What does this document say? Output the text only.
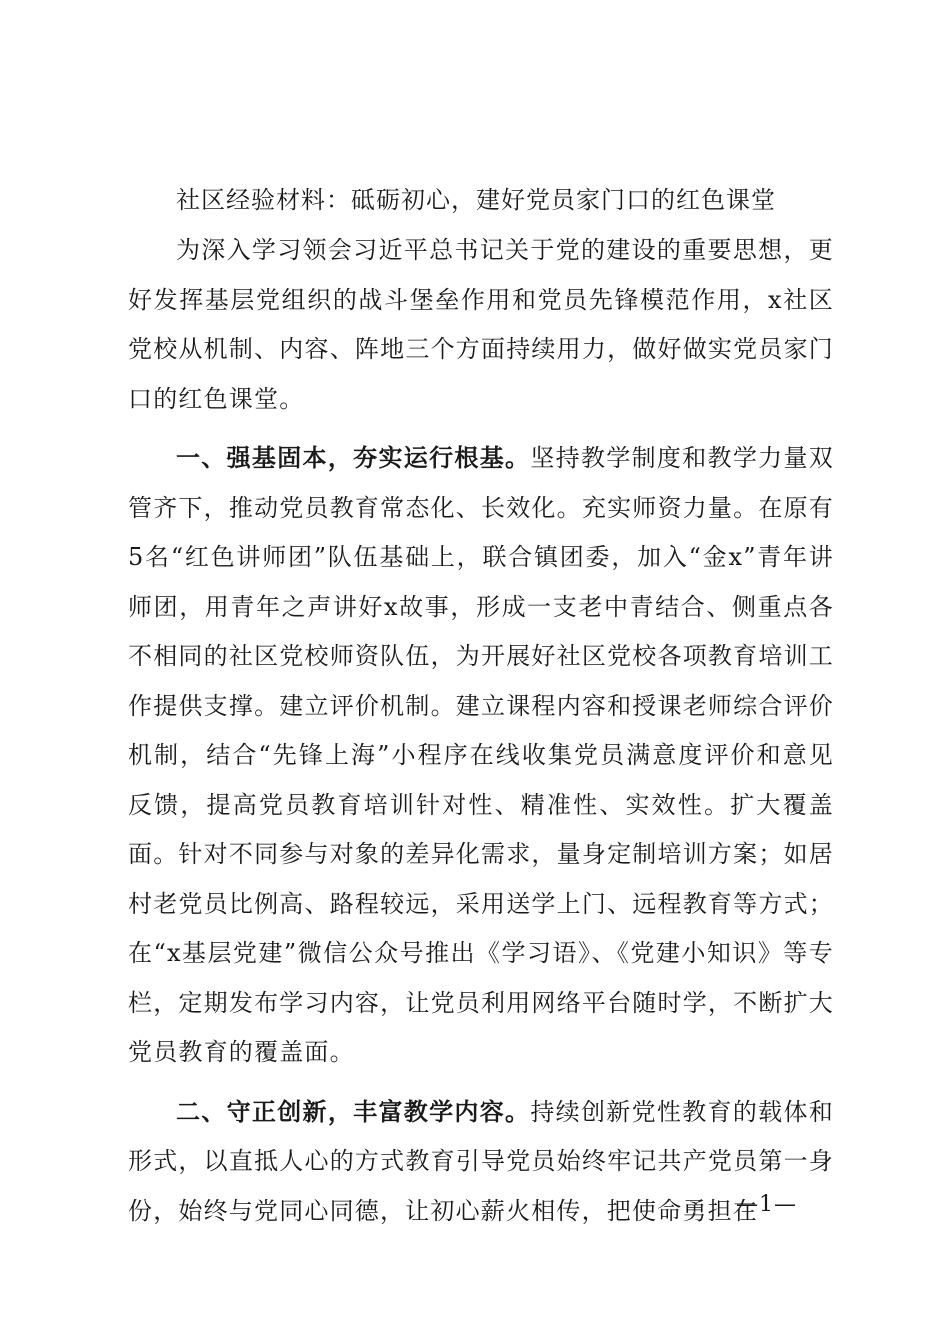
社区经验材料：砥砺初心，建好党员家门口的红色课堂

为深入学习领会习近平总书记关于党的建设的重要思想，更好发挥基层党组织的战斗堡垒作用和党员先锋模范作用，x社区党校从机制、内容、阵地三个方面持续用力，做好做实党员家门口的红色课堂。

一、强基固本，夯实运行根基。坚持教学制度和教学力量双管齐下，推动党员教育常态化、长效化。充实师资力量。在原有5名“红色讲师团”队伍基础上，联合镇团委，加入“金x”青年讲师团，用青年之声讲好x故事，形成一支老中青结合、侧重点各不相同的社区党校师资队伍，为开展好社区党校各项教育培训工作提供支撑。建立评价机制。建立课程内容和授课老师综合评价机制，结合“先锋上海”小程序在线收集党员满意度评价和意见反馈，提高党员教育培训针对性、精准性、实效性。扩大覆盖面。针对不同参与对象的差异化需求，量身定制培训方案；如居村老党员比例高、路程较远，采用送学上门、远程教育等方式；在“x基层党建”微信公众号推出《学习语》、《党建小知识》等专栏，定期发布学习内容，让党员利用网络平台随时学，不断扩大党员教育的覆盖面。

二、守正创新，丰富教学内容。持续创新党性教育的载体和形式，以直抵人心的方式教育引导党员始终牢记共产党员第一身份，始终与党同心同德，让初心薪火相传，把使命勇担在

—1—
